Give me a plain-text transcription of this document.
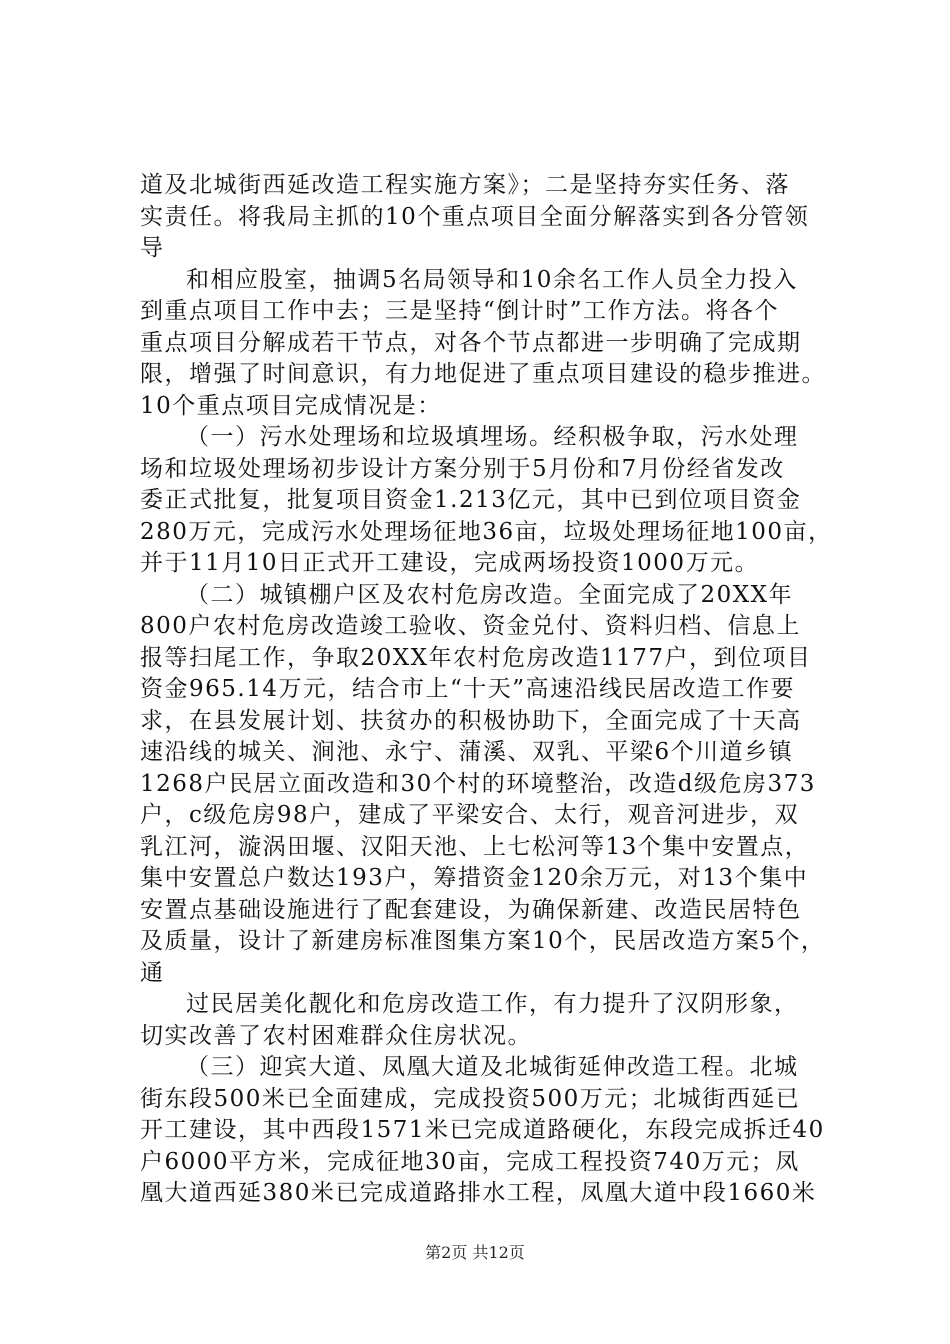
道及北城街西延改造工程实施方案》；二是坚持夯实任务、落
实责任。将我局主抓的10个重点项目全面分解落实到各分管领
导
和相应股室，抽调5名局领导和10余名工作人员全力投入
到重点项目工作中去；三是坚持“倒计时”工作方法。将各个
重点项目分解成若干节点，对各个节点都进一步明确了完成期
限，增强了时间意识，有力地促进了重点项目建设的稳步推进。
10个重点项目完成情况是：
（一）污水处理场和垃圾填埋场。经积极争取，污水处理
场和垃圾处理场初步设计方案分别于5月份和7月份经省发改
委正式批复，批复项目资金1.213亿元，其中已到位项目资金
280万元，完成污水处理场征地36亩，垃圾处理场征地100亩，
并于11月10日正式开工建设，完成两场投资1000万元。
（二）城镇棚户区及农村危房改造。全面完成了20XX年
800户农村危房改造竣工验收、资金兑付、资料归档、信息上
报等扫尾工作，争取20XX年农村危房改造1177户，到位项目
资金965.14万元，结合市上“十天”高速沿线民居改造工作要
求，在县发展计划、扶贫办的积极协助下，全面完成了十天高
速沿线的城关、涧池、永宁、蒲溪、双乳、平梁6个川道乡镇
1268户民居立面改造和30个村的环境整治，改造d级危房373
户，c级危房98户，建成了平梁安合、太行，观音河进步，双
乳江河，漩涡田堰、汉阳天池、上七松河等13个集中安置点，
集中安置总户数达193户，筹措资金120余万元，对13个集中
安置点基础设施进行了配套建设，为确保新建、改造民居特色
及质量，设计了新建房标准图集方案10个，民居改造方案5个，
通
过民居美化靓化和危房改造工作，有力提升了汉阴形象，
切实改善了农村困难群众住房状况。
（三）迎宾大道、凤凰大道及北城街延伸改造工程。北城
街东段500米已全面建成，完成投资500万元；北城街西延已
开工建设，其中西段1571米已完成道路硬化，东段完成拆迁40
户6000平方米，完成征地30亩，完成工程投资740万元；凤
凰大道西延380米已完成道路排水工程，凤凰大道中段1660米
第2页 共12页
